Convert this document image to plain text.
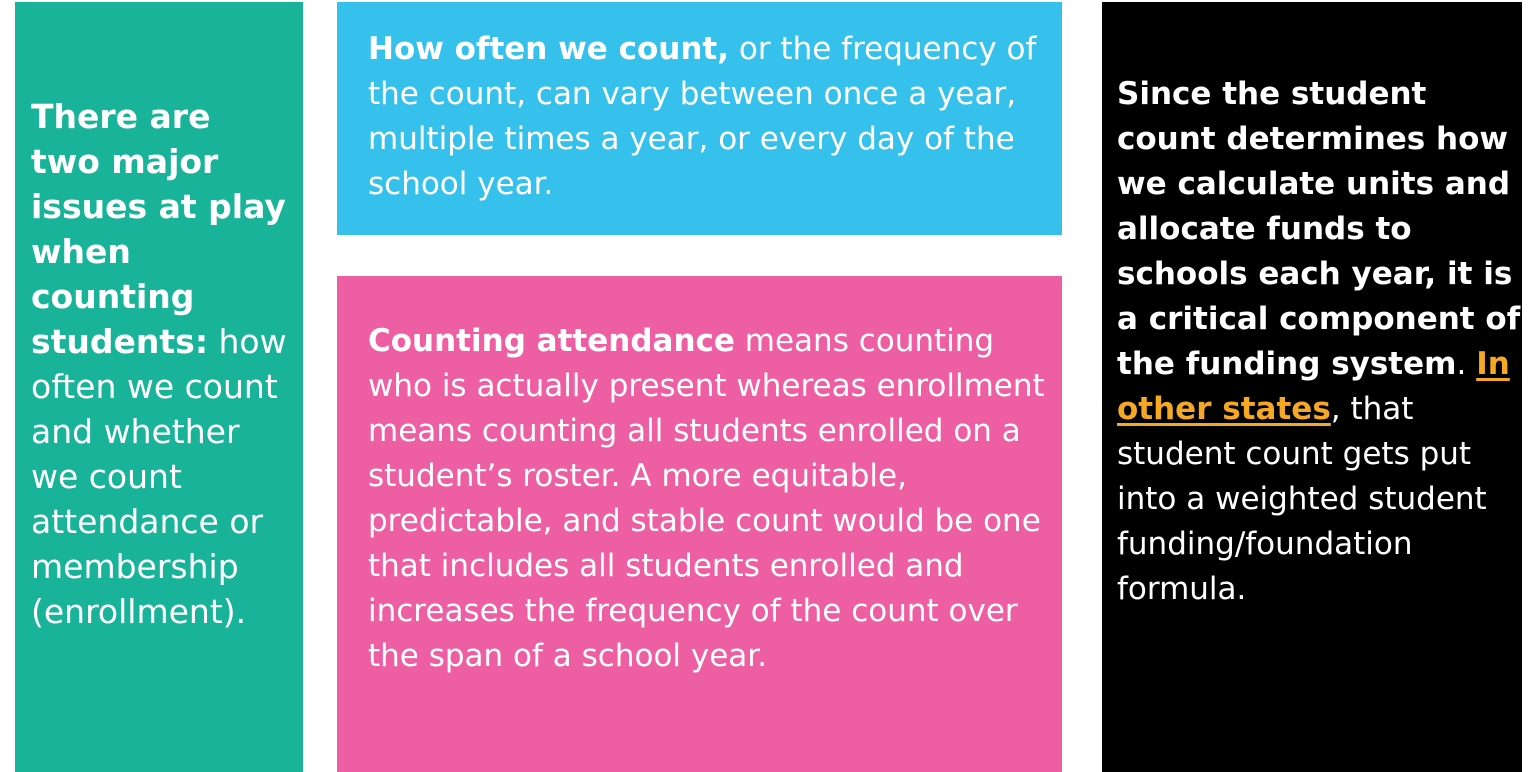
There are two major issues at play when counting students: how often we count and whether we count attendance or membership (enrollment).

How often we count, or the frequency of the count, can vary between once a year, multiple times a year, or every day of the school year.

Counting attendance means counting who is actually present whereas enrollment means counting all students enrolled on a student’s roster. A more equitable, predictable, and stable count would be one that includes all students enrolled and increases the frequency of the count over the span of a school year.

Since the student count determines how we calculate units and allocate funds to schools each year, it is a critical component of the funding system. In other states, that student count gets put into a weighted student funding/foundation formula.
